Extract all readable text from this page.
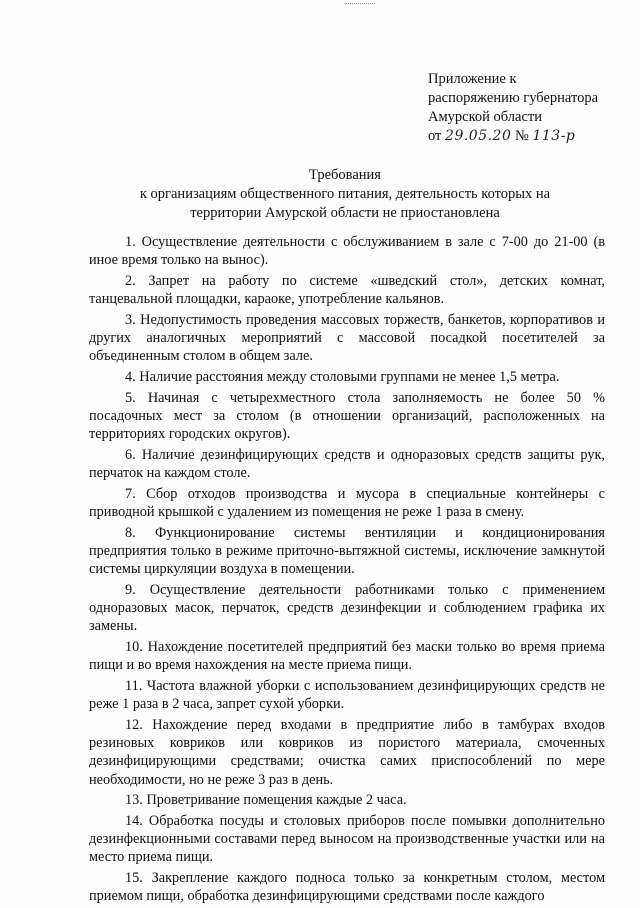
Приложение к
распоряжению губернатора
Амурской области
от 29.05.20 № 113-р
Требования
к организациям общественного питания, деятельность которых на
территории Амурской области не приостановлена

1. Осуществление деятельности с обслуживанием в зале с 7-00 до 21-00 (в иное время только на вынос).

2. Запрет на работу по системе «шведский стол», детских комнат, танцевальной площадки, караоке, употребление кальянов.

3. Недопустимость проведения массовых торжеств, банкетов, корпоративов и других аналогичных мероприятий с массовой посадкой посетителей за объединенным столом в общем зале.

4. Наличие расстояния между столовыми группами не менее 1,5 метра.

5. Начиная с четырехместного стола заполняемость не более 50 % посадочных мест за столом (в отношении организаций, расположенных на территориях городских округов).

6. Наличие дезинфицирующих средств и одноразовых средств защиты рук, перчаток на каждом столе.

7. Сбор отходов производства и мусора в специальные контейнеры с приводной крышкой с удалением из помещения не реже 1 раза в смену.

8. Функционирование системы вентиляции и кондиционирования предприятия только в режиме приточно-вытяжной системы, исключение замкнутой системы циркуляции воздуха в помещении.

9. Осуществление деятельности работниками только с применением одноразовых масок, перчаток, средств дезинфекции и соблюдением графика их замены.

10. Нахождение посетителей предприятий без маски только во время приема пищи и во время нахождения на месте приема пищи.

11. Частота влажной уборки с использованием дезинфицирующих средств не реже 1 раза в 2 часа, запрет сухой уборки.

12. Нахождение перед входами в предприятие либо в тамбурах входов резиновых ковриков или ковриков из пористого материала, смоченных дезинфицирующими средствами; очистка самих приспособлений по мере необходимости, но не реже 3 раз в день.

13. Проветривание помещения каждые 2 часа.

14. Обработка посуды и столовых приборов после помывки дополнительно дезинфекционными составами перед выносом на производственные участки или на место приема пищи.

15. Закрепление каждого подноса только за конкретным столом, местом приемом пищи, обработка дезинфицирующими средствами после каждого
